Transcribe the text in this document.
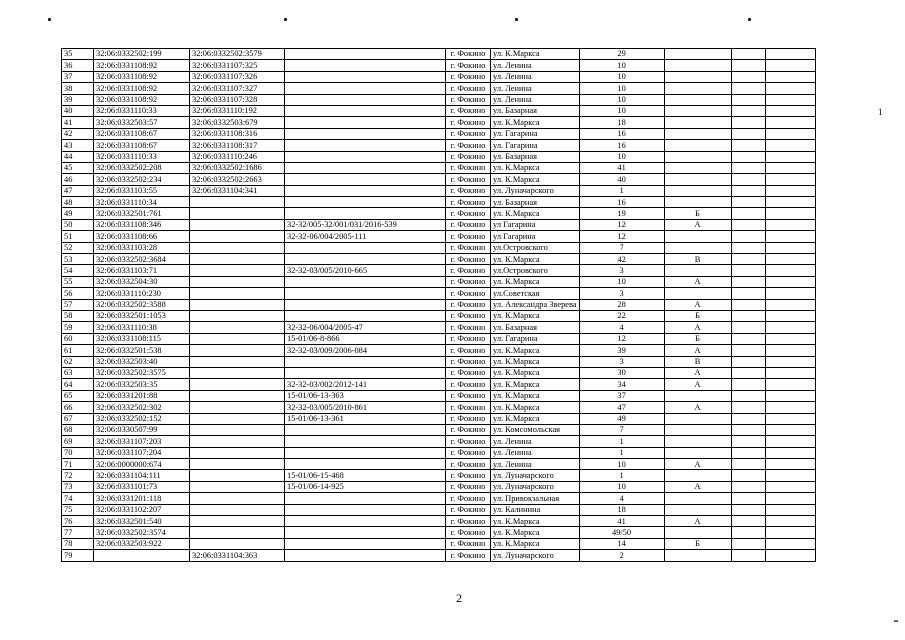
35	32:06:0332502:199	32:06:0332502:3579		г. Фокино	ул. К.Маркса	29			
36	32:06:0331108:92	32:06:0331107:325		г. Фокино	ул. Ленина	10			
37	32:06:0331108:92	32:06:0331107:326		г. Фокино	ул. Ленина	10			
38	32:06:0331108:92	32:06:0331107:327		г. Фокино	ул. Ленина	10			
39	32:06:0331108:92	32:06:0331107:328		г. Фокино	ул. Ленина	10			
40	32:06:0331110:33	32:06:0331110:192		г. Фокино	ул. Базарная	10			
41	32:06:0332503:57	32:06:0332503:679		г. Фокино	ул. К.Маркса	18			
42	32:06:0331108:67	32:06:0331108:316		г. Фокино	ул. Гагарина	16			
43	32:06:0331108:67	32:06:0331108:317		г. Фокино	ул. Гагарина	16			
44	32:06:0331110:33	32:06:0331110:246		г. Фокино	ул. Базарная	10			
45	32:06:0332502:208	32:06:0332502:1686		г. Фокино	ул. К.Маркса	41			
46	32:06:0332502:234	32:06:0332502:2663		г. Фокино	ул. К.Маркса	40			
47	32:06:0331103:55	32:06:0331104:341		г. Фокино	ул. Луначарского	1			
48	32:06:0331110:34			г. Фокино	ул. Базарная	16			
49	32:06:0332501:761			г. Фокино	ул. К.Маркса	19	Б		
50	32:06:0331108:346		32-32/005-32/001/031/2016-539	г. Фокино	ул Гагарина	12	А		
51	32:06:0331108:66		32-32-06/004/2005-111	г. Фокино	ул Гагарина	12			
52	32:06:0331103:28			г. Фокино	ул.Островского	7			
53	32:06:0332502:3684			г. Фокино	ул. К.Маркса	42	В		
54	32:06:0331103:71		32-32-03/005/2010-665	г. Фокино	ул.Островского	3			
55	32:06:0332504:30			г. Фокино	ул. К.Маркса	10	А		
56	32:06:0331110:230			г. Фокино	ул.Советская	3			
57	32:06:0332502:3588			г. Фокино	ул. Александра Зверева	28	А		
58	32:06:0332501:1053			г. Фокино	ул. К.Маркса	22	Б		
59	32:06:0331110:38		32-32-06/004/2005-47	г. Фокино	ул. Базарная	4	А		
60	32:06:0331108:115		15-01/06-8-866	г. Фокино	ул. Гагарина	12	Б		
61	32:06:0332501:538		32-32-03/009/2006-084	г. Фокино	ул. К.Маркса	39	А		
62	32:06:0332503:40			г. Фокино	ул. К.Маркса	3	В		
63	32:06:0332502:3575			г. Фокино	ул. К.Маркса	30	А		
64	32:06:0332503:35		32-32-03/002/2012-141	г. Фокино	ул. К.Маркса	34	А		
65	32:06:0331201:88		15-01/06-13-363	г. Фокино	ул. К.Маркса	37			
66	32:06:0332502:302		32-32-03/005/2010-861	г. Фокино	ул. К.Маркса	47	А		
67	32:06:0332502:152		15-01/06-13-361	г. Фокино	ул. К.Маркса	49			
68	32:06:0330507:99			г. Фокино	ул. Комсомольская	7			
69	32:06:0331107:203			г. Фокино	ул. Ленина	1			
70	32:06:0331107:204			г. Фокино	ул. Ленина	1			
71	32:06:0000000:674			г. Фокино	ул. Ленина	10	А		
72	32:06:0331104:111		15-01/06-15-468	г. Фокино	ул. Луначарского	1			
73	32:06:0331101:73		15-01/06-14-925	г. Фокино	ул. Луначарского	10	А		
74	32:06:0331201:118			г. Фокино	ул. Привокзальная	4			
75	32:06:0331102:207			г. Фокино	ул. Калинина	18			
76	32:06:0332501:540			г. Фокино	ул. К.Маркса	41	А		
77	32:06:0332502:3574			г. Фокино	ул. К.Маркса	49/50			
78	32:06:0332503:922			г. Фокино	ул. К.Маркса	14	Б		
79		32:06:0331104:363		г. Фокино	ул. Луначарского	2			
1
2
